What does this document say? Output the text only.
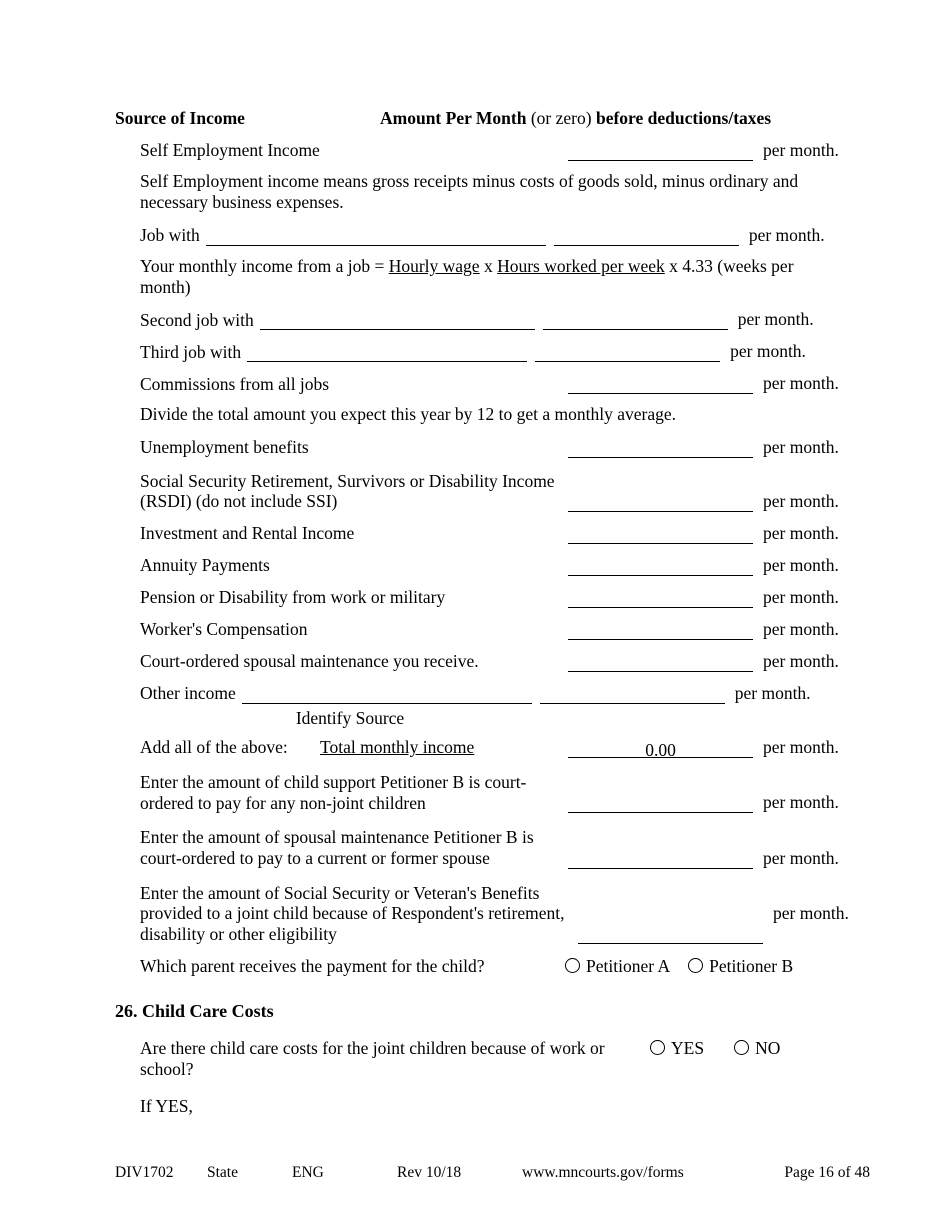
Source of Income	Amount Per Month (or zero) before deductions/taxes
Self Employment Income	per month.
Self Employment income means gross receipts minus costs of goods sold, minus ordinary and necessary business expenses.
Job with	per month.
Your monthly income from a job = Hourly wage x Hours worked per week x 4.33 (weeks per month)
Second job with	per month.
Third job with	per month.
Commissions from all jobs	per month.
Divide the total amount you expect this year by 12 to get a monthly average.
Unemployment benefits	per month.
Social Security Retirement, Survivors or Disability Income (RSDI) (do not include SSI)	per month.
Investment and Rental Income	per month.
Annuity Payments	per month.
Pension or Disability from work or military	per month.
Worker's Compensation	per month.
Court-ordered spousal maintenance you receive.	per month.
Other income	per month.
Identify Source
Add all of the above:	Total monthly income	0.00	per month.
Enter the amount of child support Petitioner B is court-ordered to pay for any non-joint children	per month.
Enter the amount of spousal maintenance Petitioner B is court-ordered to pay to a current or former spouse	per month.
Enter the amount of Social Security or Veteran's Benefits provided to a joint child because of Respondent's retirement, disability or other eligibility
per month.
Which parent receives the payment for the child?	Petitioner A	Petitioner B
26. Child Care Costs
Are there child care costs for the joint children because of work or school?
YES	NO
If YES,
DIV1702	State	ENG	Rev 10/18	www.mncourts.gov/forms	Page 16 of 48
